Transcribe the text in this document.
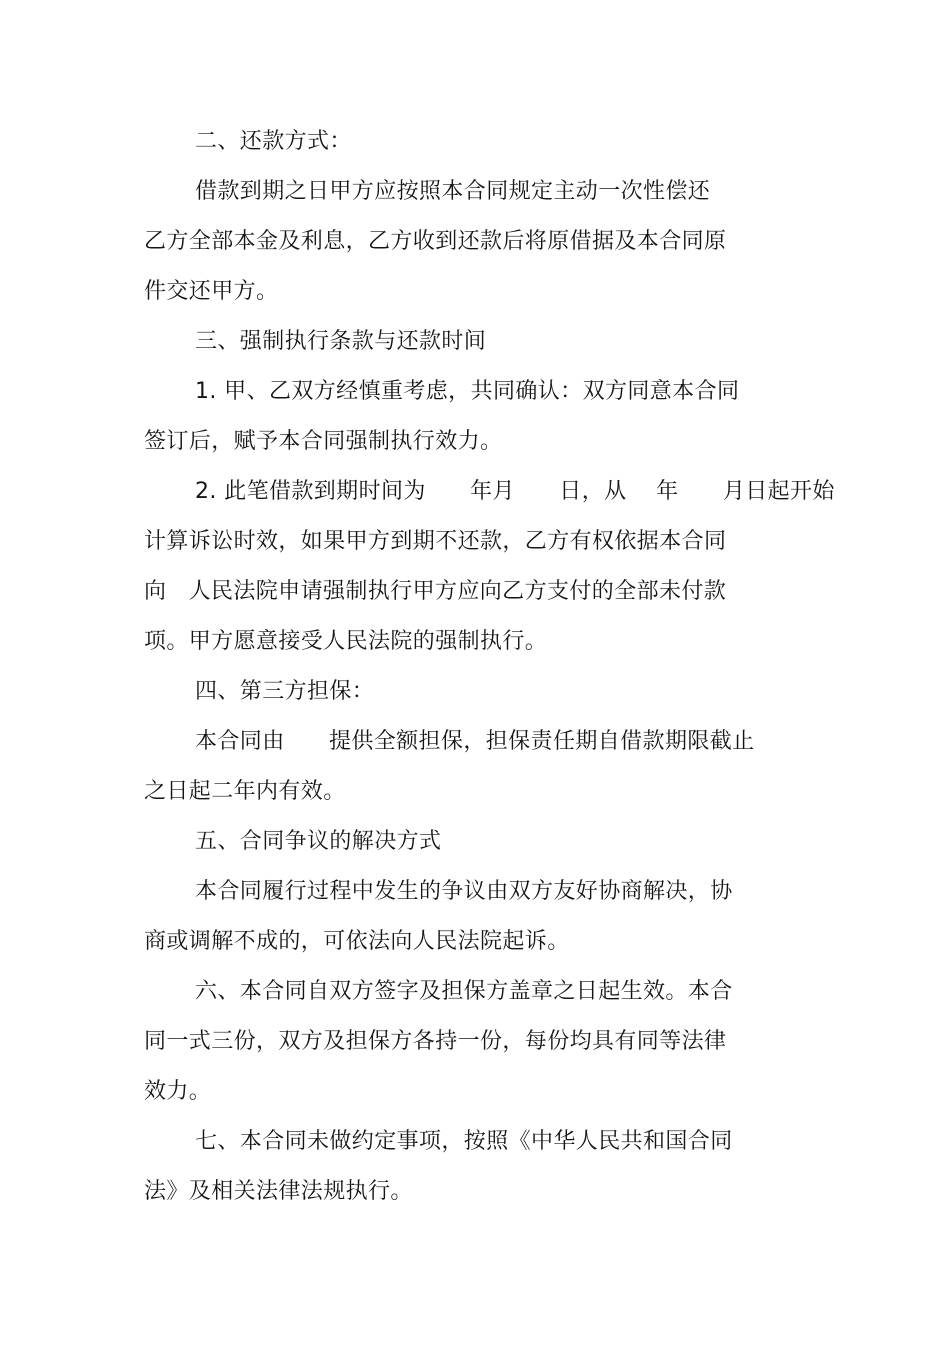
二、还款方式：
借款到期之日甲方应按照本合同规定主动一次性偿还
乙方全部本金及利息，乙方收到还款后将原借据及本合同原
件交还甲方。
三、强制执行条款与还款时间
1. 甲、乙双方经慎重考虑，共同确认：双方同意本合同
签订后，赋予本合同强制执行效力。
2. 此笔借款到期时间为      年月      日，从    年      月日起开始
计算诉讼时效，如果甲方到期不还款，乙方有权依据本合同
向   人民法院申请强制执行甲方应向乙方支付的全部未付款
项。甲方愿意接受人民法院的强制执行。
四、第三方担保：
本合同由      提供全额担保，担保责任期自借款期限截止
之日起二年内有效。
五、合同争议的解决方式
本合同履行过程中发生的争议由双方友好协商解决，协
商或调解不成的，可依法向人民法院起诉。
六、本合同自双方签字及担保方盖章之日起生效。本合
同一式三份，双方及担保方各持一份，每份均具有同等法律
效力。
七、本合同未做约定事项，按照《中华人民共和国合同
法》及相关法律法规执行。
